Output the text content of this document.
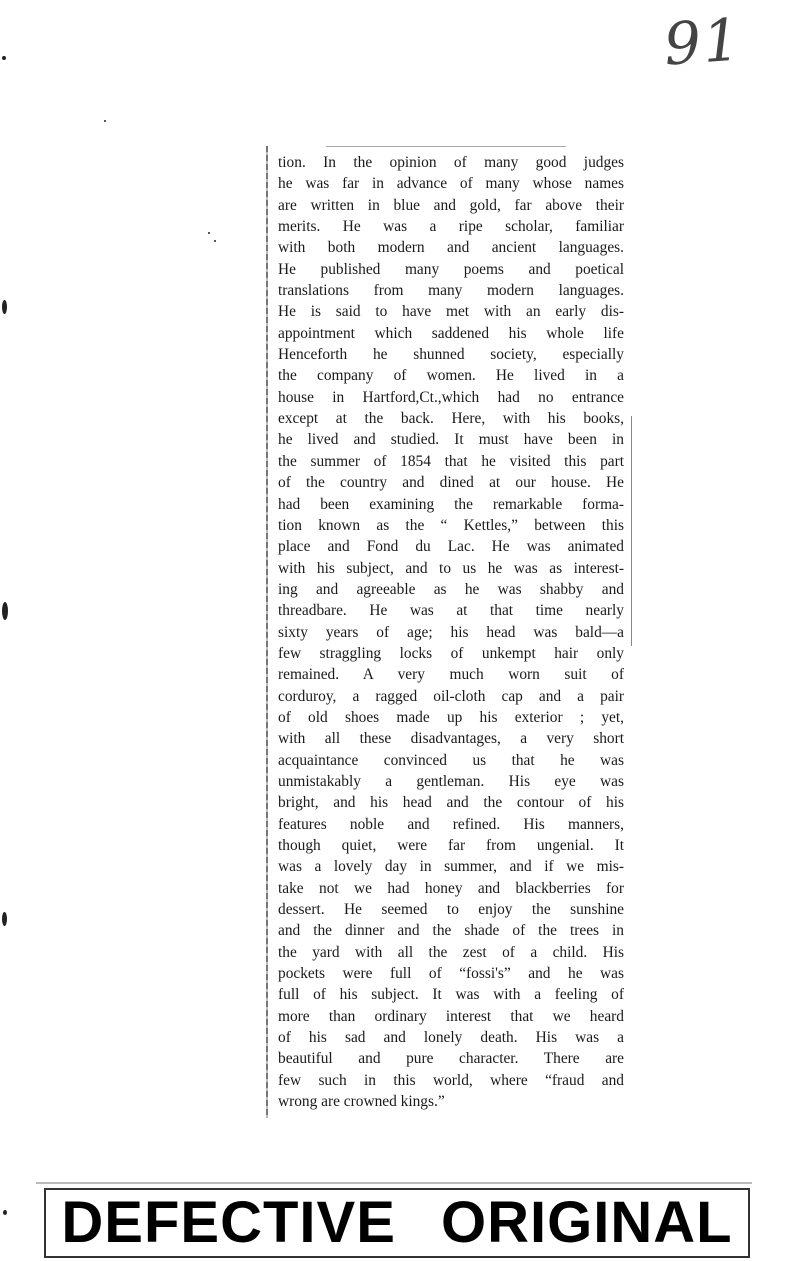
91
tion. In the opinion of many good judges
he was far in advance of many whose names
are written in blue and gold, far above their
merits. He was a ripe scholar, familiar
with both modern and ancient languages.
He published many poems and poetical
translations from many modern languages.
He is said to have met with an early dis-
appointment which saddened his whole life
Henceforth he shunned society, especially
the company of women. He lived in a
house in Hartford,Ct.,which had no entrance
except at the back. Here, with his books,
he lived and studied. It must have been in
the summer of 1854 that he visited this part
of the country and dined at our house. He
had been examining the remarkable forma-
tion known as the “ Kettles,” between this
place and Fond du Lac. He was animated
with his subject, and to us he was as interest-
ing and agreeable as he was shabby and
threadbare. He was at that time nearly
sixty years of age; his head was bald—a
few straggling locks of unkempt hair only
remained. A very much worn suit of
corduroy, a ragged oil-cloth cap and a pair
of old shoes made up his exterior ; yet,
with all these disadvantages, a very short
acquaintance convinced us that he was
unmistakably a gentleman. His eye was
bright, and his head and the contour of his
features noble and refined. His manners,
though quiet, were far from ungenial. It
was a lovely day in summer, and if we mis-
take not we had honey and blackberries for
dessert. He seemed to enjoy the sunshine
and the dinner and the shade of the trees in
the yard with all the zest of a child. His
pockets were full of “fossi's” and he was
full of his subject. It was with a feeling of
more than ordinary interest that we heard
of his sad and lonely death. His was a
beautiful and pure character. There are
few such in this world, where “fraud and
wrong are crowned kings.”
DEFECTIVE ORIGINAL
